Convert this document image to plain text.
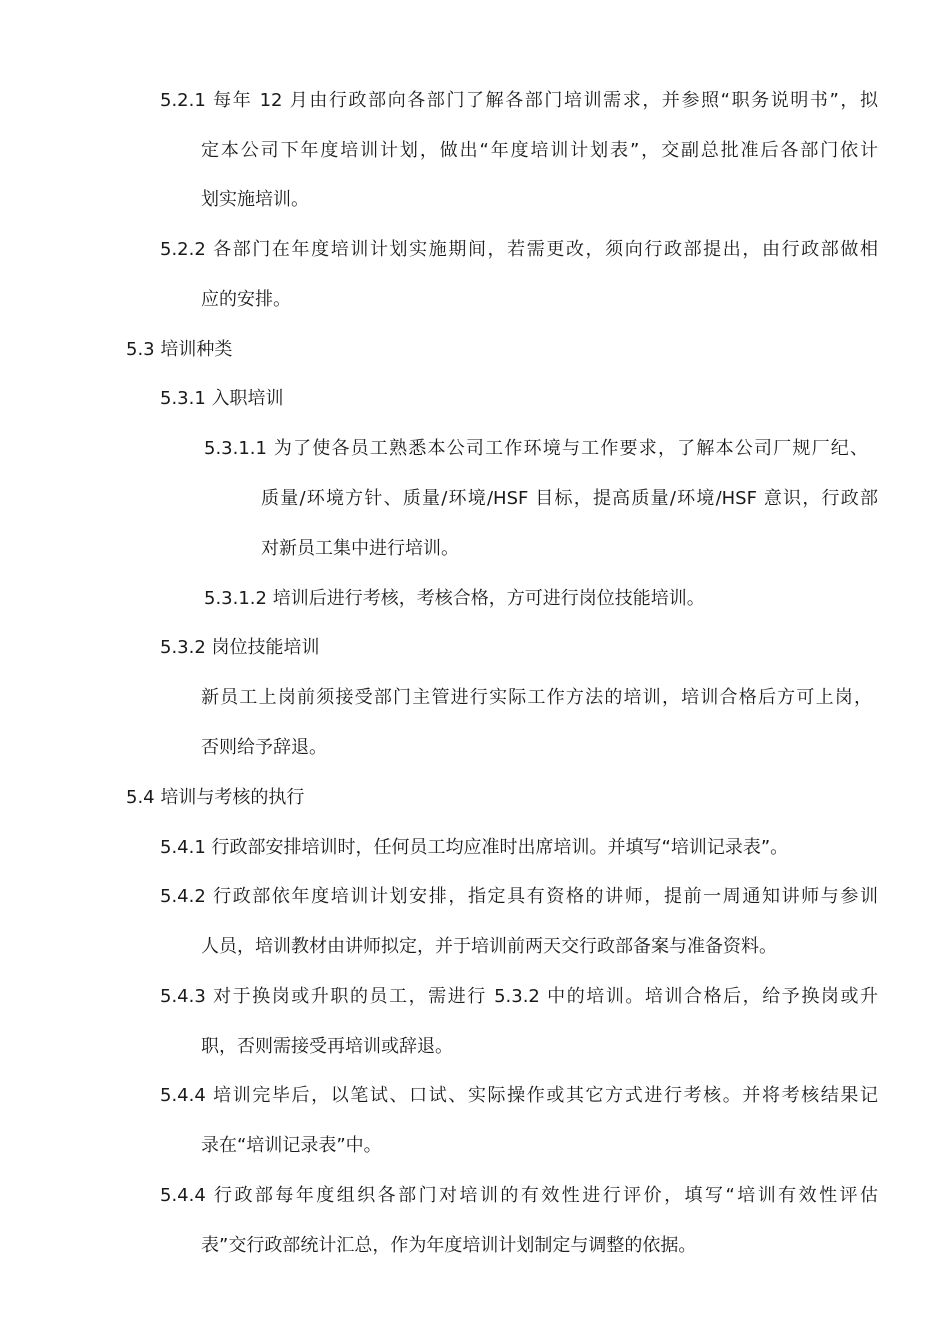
5.2.1 每年 12 月由行政部向各部门了解各部门培训需求，并参照“职务说明书”，拟
定本公司下年度培训计划，做出“年度培训计划表”，交副总批准后各部门依计
划实施培训。
5.2.2 各部门在年度培训计划实施期间，若需更改，须向行政部提出，由行政部做相
应的安排。
5.3 培训种类
5.3.1 入职培训
5.3.1.1 为了使各员工熟悉本公司工作环境与工作要求，了解本公司厂规厂纪、
质量/环境方针、质量/环境/HSF 目标，提高质量/环境/HSF 意识，行政部
对新员工集中进行培训。
5.3.1.2 培训后进行考核，考核合格，方可进行岗位技能培训。
5.3.2 岗位技能培训
新员工上岗前须接受部门主管进行实际工作方法的培训，培训合格后方可上岗，
否则给予辞退。
5.4 培训与考核的执行
5.4.1 行政部安排培训时，任何员工均应准时出席培训。并填写“培训记录表”。
5.4.2 行政部依年度培训计划安排，指定具有资格的讲师，提前一周通知讲师与参训
人员，培训教材由讲师拟定，并于培训前两天交行政部备案与准备资料。
5.4.3 对于换岗或升职的员工，需进行 5.3.2 中的培训。培训合格后，给予换岗或升
职，否则需接受再培训或辞退。
5.4.4 培训完毕后，以笔试、口试、实际操作或其它方式进行考核。并将考核结果记
录在“培训记录表”中。
5.4.4 行政部每年度组织各部门对培训的有效性进行评价，填写“培训有效性评估
表”交行政部统计汇总，作为年度培训计划制定与调整的依据。
